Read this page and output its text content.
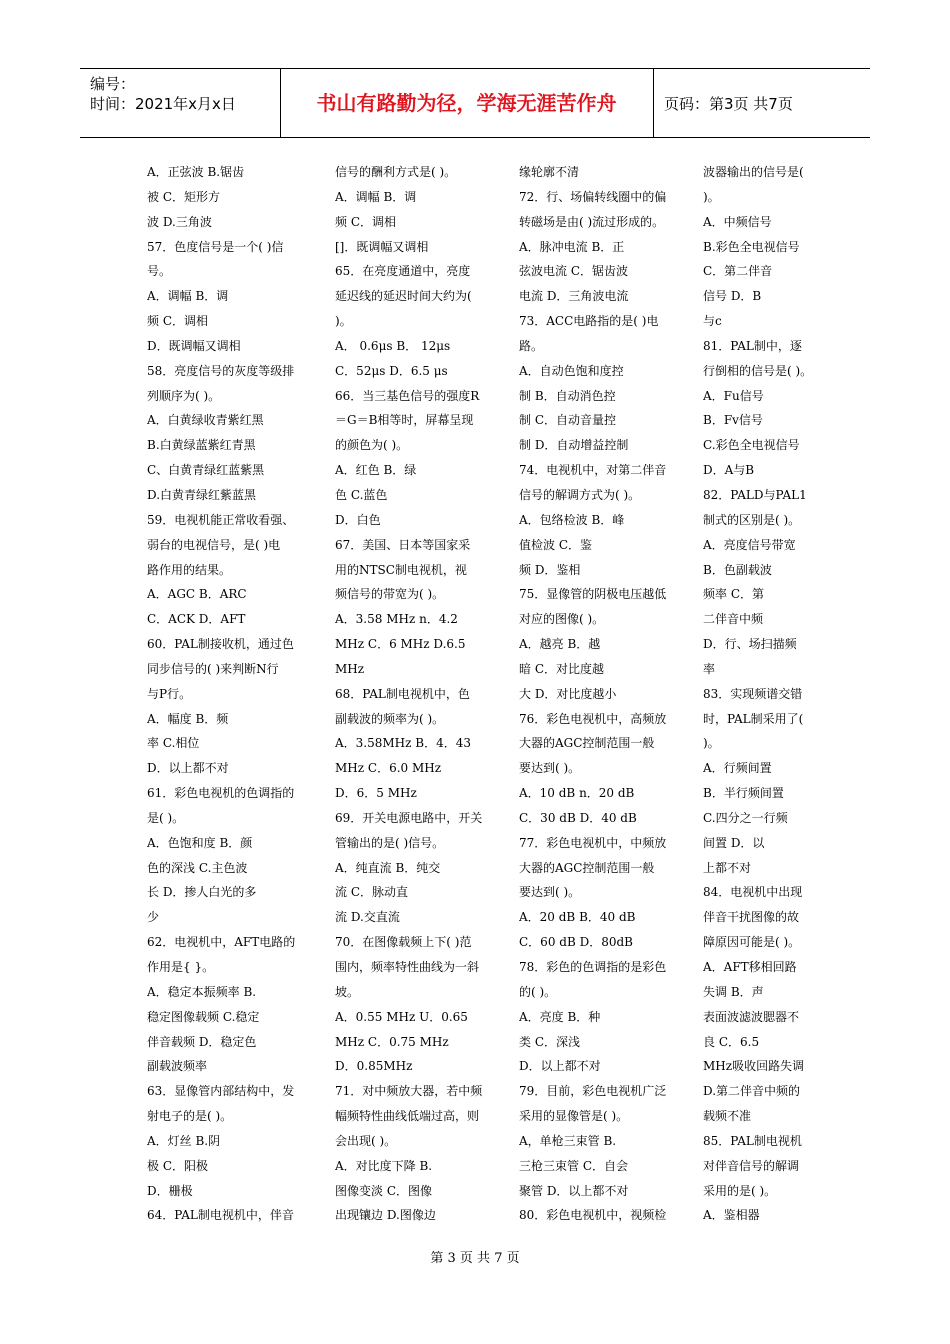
编号：
时间：2021年x月x日	书山有路勤为径，学海无涯苦作舟	页码：第3页 共7页
A．正弦波 B.锯齿
被 C．矩形方
波 D.三角波
57．色度信号是一个( )信
号。
A．调幅 B．调
频 C．调相
D．既调幅又调相
58．亮度信号的灰度等级排
列顺序为( )。
A．白黄绿收青紫红黑
B.白黄绿蓝紫红青黑
C、白黄青绿红蓝紫黑
D.白黄青绿红紫蓝黑
59．电视机能正常收看强、
弱台的电视信号，是( )电
路作用的结果。
A．AGC B．ARC
C．ACK D．AFT
60．PAL制接收机，通过色
同步信号的( )来判断N行
与P行。
A．幅度 B．频
率 C.相位
D．以上都不对
61．彩色电视机的色调指的
是( )。
A．色饱和度 B．颜
色的深浅 C.主色波
长 D．掺人白光的多
少
62．电视机中，AFT电路的
作用是{ }。
A．稳定本振频率 B.
稳定图像载频 C.稳定
伴音载频 D．稳定色
副载波频率
63．显像管内部结构中，发
射电子的是( )。
A．灯丝 B.阴
极 C．阳极
D．栅极
64．PAL制电视机中，伴音
信号的酬利方式是( )。
A．调幅 B．调
频 C．调相
[]．既调幅又调相
65．在亮度通道中，亮度
延迟线的延迟时间大约为(
)。
A． 0.6μs B． 12μs
C．52μs D．6.5 μs
66．当三基色信号的强度R
＝G＝B相等时，屏幕呈现
的颜色为( )。
A．红色 B．绿
色 C.蓝色
D．白色
67．美国、日本等国家采
用的NTSC制电视机，视
频信号的带宽为( )。
A．3.58 MHz n．4.2
MHz C．6 MHz D.6.5
MHz
68．PAL制电视机中，色
副载波的频率为( )。
A．3.58MHz B．4．43
MHz C．6.0 MHz
D．6．5 MHz
69．开关电源电路中，开关
管输出的是( )信号。
A．纯直流 B．纯交
流 C．脉动直
流 D.交直流
70．在图像载频上下( )范
围内，频率特性曲线为一斜
坡。
A．0.55 MHz U．0.65
MHz C．0.75 MHz
D．0.85MHz
71．对中频放大器，若中频
幅频特性曲线低端过高，则
会出现( )。
A．对比度下降 B.
图像变淡 C．图像
出现镶边 D.图像边
缘轮廓不清
72．行、场偏转线圈中的偏
转磁场是由( )流过形成的。
A．脉冲电流 B．正
弦波电流 C．锯齿波
电流 D．三角波电流
73．ACC电路指的是( )电
路。
A．自动色饱和度控
制 B．自动消色控
制 C．自动音量控
制 D．自动增益控制
74．电视机中，对第二伴音
信号的解调方式为( )。
A．包络检波 B．峰
值检波 C．鉴
频 D．鉴相
75．显像管的阴极电压越低
对应的图像( )。
A．越亮 B．越
暗 C．对比度越
大 D．对比度越小
76．彩色电视机中，高频放
大器的AGC控制范围一般
要达到( )。
A．10 dB n．20 dB
C．30 dB D．40 dB
77．彩色电视机中，中频放
大器的AGC控制范围一般
要达到( )。
A．20 dB B．40 dB
C．60 dB D．80dB
78．彩色的色调指的是彩色
的( )。
A．亮度 B．种
类 C．深浅
D．以上都不对
79．目前，彩色电视机广泛
采用的显像管是( )。
A，单枪三束管 B.
三枪三束管 C．自会
聚管 D．以上都不对
80．彩色电视机中，视频检
波器输出的信号是(
)。
A．中频信号
B.彩色全电视信号
C．第二伴音
信号 D．B
与c
81．PAL制中，逐
行倒相的信号是( )。
A．Fu信号
B．Fv信号
C.彩色全电视信号
D．A与B
82．PALD与PAL1
制式的区别是( )。
A．亮度信号带宽
B．色副载波
频率 C．第
二伴音中频
D．行、场扫描频
率
83．实现频谱交错
时，PAL制采用了(
)。
A．行频间置
B．半行频间置
C.四分之一行频
间置 D．以
上都不对
84．电视机中出现
伴音干扰图像的故
障原因可能是( )。
A．AFT移相回路
失调 B．声
表面波滤波腮器不
良 C．6.5
MHz吸收回路失调
D.第二伴音中频的
载频不准
85．PAL制电视机
对伴音信号的解调
采用的是( )。
A．鉴相器
第 3 页 共 7 页
